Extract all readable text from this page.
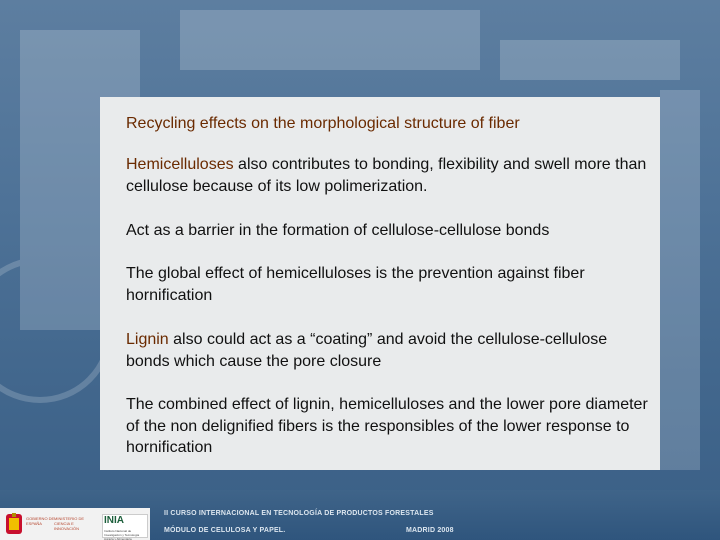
Recycling effects on the morphological structure of fiber

Hemicelluloses also contributes to bonding, flexibility and swell more than cellulose because of its low polimerization.

Act as a barrier in the formation of cellulose-cellulose bonds

The global effect of hemicelluloses is the prevention against fiber hornification

Lignin also could act as a “coating” and avoid the cellulose-cellulose bonds which cause the pore closure

The combined effect of lignin, hemicelluloses and the lower pore diameter of the non delignified fibers is the responsibles of the lower response to hornification

GOBIERNO DE ESPAÑA
MINISTERIO DE CIENCIA E INNOVACIÓN
INIA
Instituto Nacional de Investigación y Tecnología Agraria y Alimentaria
II CURSO INTERNACIONAL EN TECNOLOGÍA DE PRODUCTOS FORESTALES
MÓDULO DE CELULOSA Y PAPEL.	MADRID 2008
